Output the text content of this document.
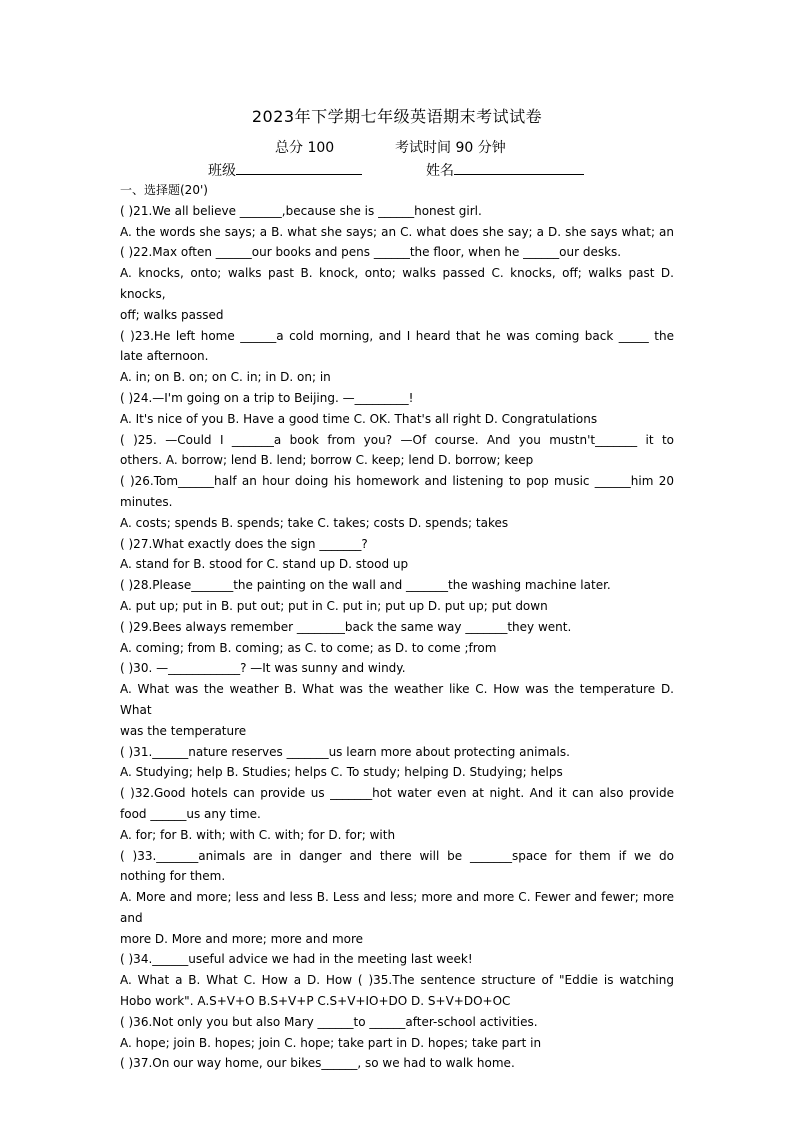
2023年下学期七年级英语期末考试试卷
总分 100	考试时间 90 分钟
班级	姓名
一、选择题(20')
( )21.We all believe _______,because she is ______honest girl.
A. the words she says; a B. what she says; an C. what does she say; a D. she says what; an
( )22.Max often ______our books and pens ______the floor, when he ______our desks.
A. knocks, onto; walks past B. knock, onto; walks passed C. knocks, off; walks past D. knocks,
off; walks passed
( )23.He left home ______a cold morning, and I heard that he was coming back _____ the
late afternoon.
A. in; on B. on; on C. in; in D. on; in
( )24.—I'm going on a trip to Beijing. —_________!
A. It's nice of you B. Have a good time C. OK. That's all right D. Congratulations
( )25. —Could I _______a book from you? —Of course. And you mustn't_______ it to
others. A. borrow; lend B. lend; borrow C. keep; lend D. borrow; keep
( )26.Tom______half an hour doing his homework and listening to pop music ______him 20
minutes.
A. costs; spends B. spends; take C. takes; costs D. spends; takes
( )27.What exactly does the sign _______?
A. stand for B. stood for C. stand up D. stood up
( )28.Please_______the painting on the wall and _______the washing machine later.
A. put up; put in B. put out; put in C. put in; put up D. put up; put down
( )29.Bees always remember ________back the same way _______they went.
A. coming; from B. coming; as C. to come; as D. to come ;from
( )30. —____________? —It was sunny and windy.
A. What was the weather B. What was the weather like C. How was the temperature D. What
was the temperature
( )31.______nature reserves _______us learn more about protecting animals.
A. Studying; help B. Studies; helps C. To study; helping D. Studying; helps
( )32.Good hotels can provide us _______hot water even at night. And it can also provide
food ______us any time.
A. for; for B. with; with C. with; for D. for; with
( )33._______animals are in danger and there will be _______space for them if we do
nothing for them.
A. More and more; less and less B. Less and less; more and more C. Fewer and fewer; more and
more D. More and more; more and more
( )34.______useful advice we had in the meeting last week!
A. What a B. What C. How a D. How ( )35.The sentence structure of "Eddie is watching
Hobo work". A.S+V+O B.S+V+P C.S+V+IO+DO D. S+V+DO+OC
( )36.Not only you but also Mary ______to ______after-school activities.
A. hope; join B. hopes; join C. hope; take part in D. hopes; take part in
( )37.On our way home, our bikes______, so we had to walk home.
